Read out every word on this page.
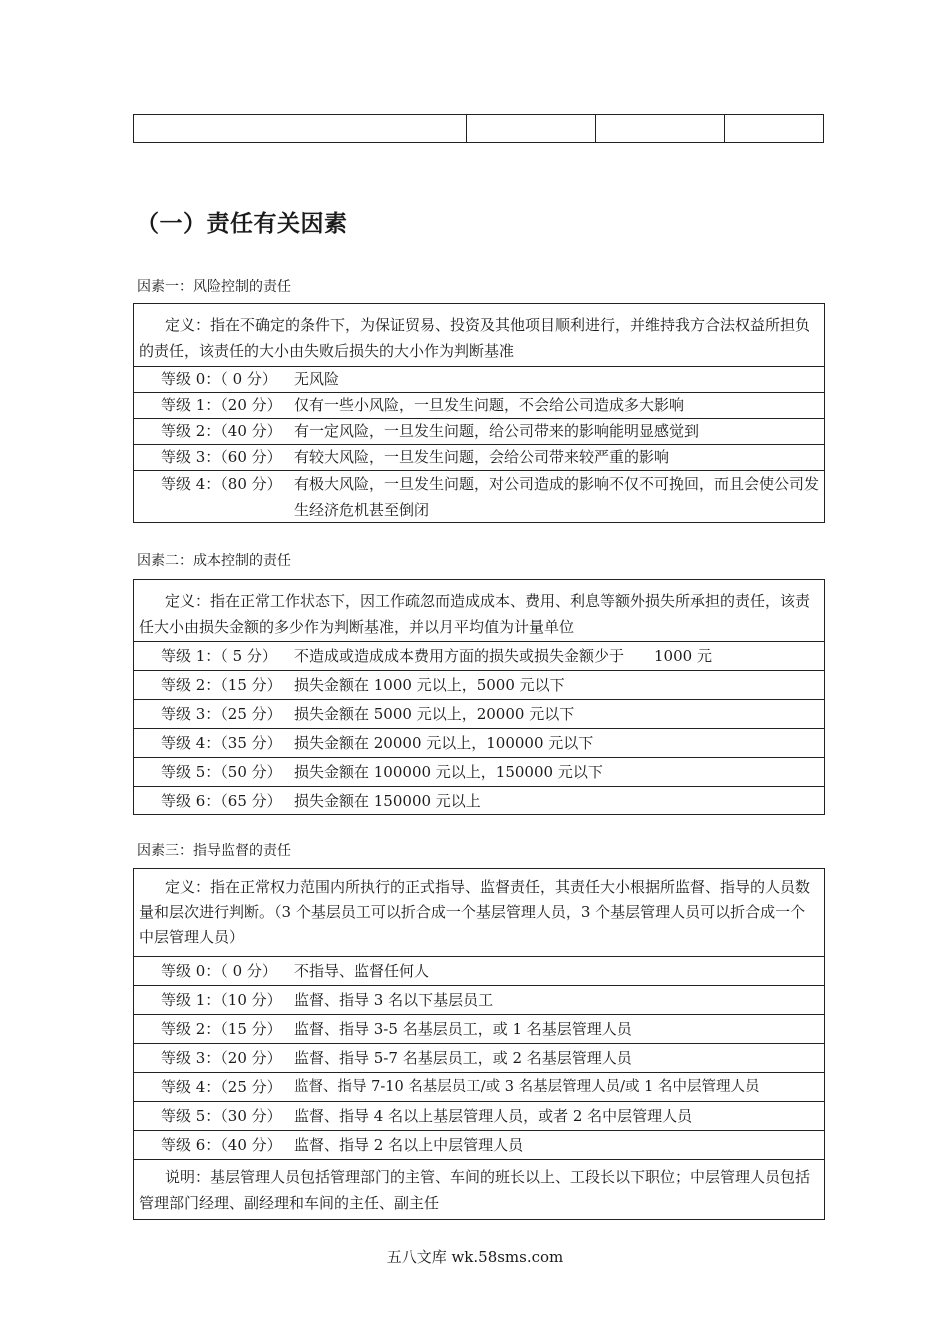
（一）责任有关因素
因素一：风险控制的责任
定义：指在不确定的条件下，为保证贸易、投资及其他项目顺利进行，并维持我方合法权益所担负的责任，该责任的大小由失败后损失的大小作为判断基准
等级 0：（ 0 分）	无风险
等级 1：（20 分） 仅有一些小风险，一旦发生问题，不会给公司造成多大影响
等级 2：（40 分） 有一定风险，一旦发生问题，给公司带来的影响能明显感觉到
等级 3：（60 分） 有较大风险，一旦发生问题，会给公司带来较严重的影响
等级 4：（80 分） 有极大风险，一旦发生问题，对公司造成的影响不仅不可挽回，而且会使公司发生经济危机甚至倒闭
因素二：成本控制的责任
定义：指在正常工作状态下，因工作疏忽而造成成本、费用、利息等额外损失所承担的责任，该责任大小由损失金额的多少作为判断基准，并以月平均值为计量单位
等级 1：（ 5 分）	不造成或造成成本费用方面的损失或损失金额少于　　1000 元
等级 2：（15 分） 损失金额在 1000 元以上，5000 元以下
等级 3：（25 分） 损失金额在 5000 元以上，20000 元以下
等级 4：（35 分） 损失金额在 20000 元以上，100000 元以下
等级 5：（50 分） 损失金额在 100000 元以上，150000 元以下
等级 6：（65 分） 损失金额在 150000 元以上
因素三：指导监督的责任
定义：指在正常权力范围内所执行的正式指导、监督责任，其责任大小根据所监督、指导的人员数量和层次进行判断。（3 个基层员工可以折合成一个基层管理人员，3 个基层管理人员可以折合成一个中层管理人员）
等级 0：（ 0 分）	不指导、监督任何人
等级 1：（10 分） 监督、指导 3 名以下基层员工
等级 2：（15 分） 监督、指导 3-5 名基层员工，或 1 名基层管理人员
等级 3：（20 分） 监督、指导 5-7 名基层员工，或 2 名基层管理人员
等级 4：（25 分） 监督、指导 7-10 名基层员工/或 3 名基层管理人员/或 1 名中层管理人员
等级 5：（30 分） 监督、指导 4 名以上基层管理人员，或者 2 名中层管理人员
等级 6：（40 分） 监督、指导 2 名以上中层管理人员
说明：基层管理人员包括管理部门的主管、车间的班长以上、工段长以下职位；中层管理人员包括管理部门经理、副经理和车间的主任、副主任
五八文库 wk.58sms.com
